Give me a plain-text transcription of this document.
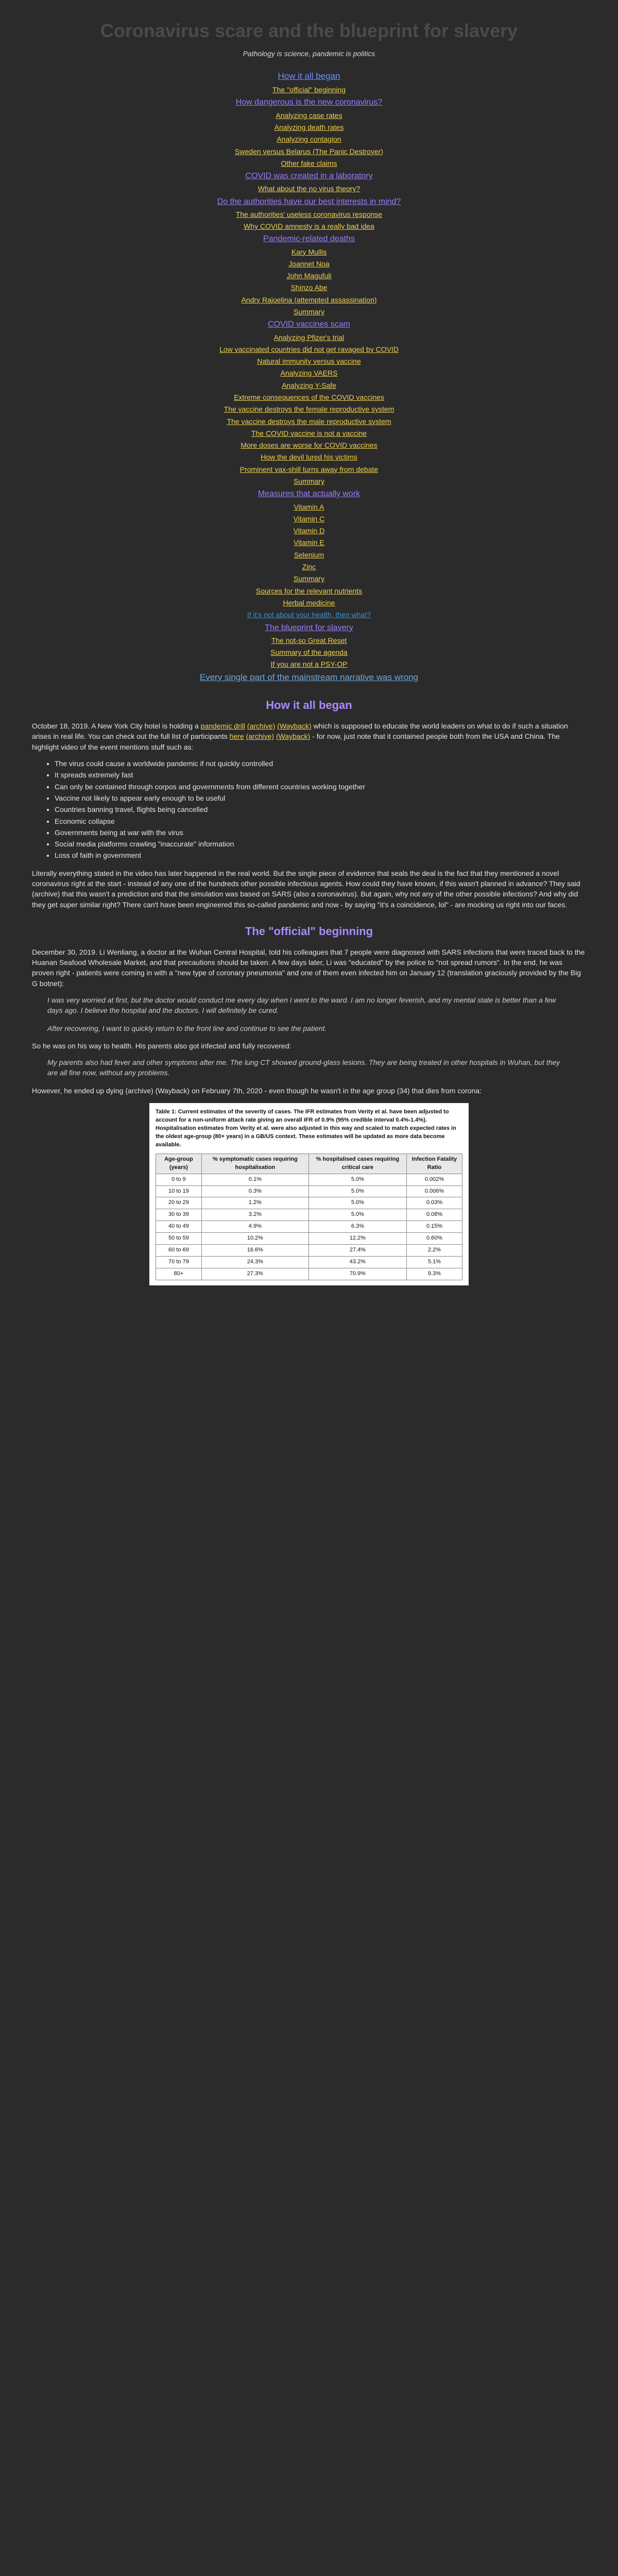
Coronavirus scare and the blueprint for slavery
Pathology is science, pandemic is politics
How it all began
The "official" beginning
How dangerous is the new coronavirus?
Analyzing case rates
Analyzing death rates
Analyzing contagion
Sweden versus Belarus (The Panic Destroyer)
Other fake claims
COVID was created in a laboratory
What about the no virus theory?
Do the authorities have our best interests in mind?
The authorities' useless coronavirus response
Why COVID amnesty is a really bad idea
Pandemic-related deaths
Kary Mullis
Joannet Noa
John Magufuli
Shinzo Abe
Andry Rajoelina (attempted assassination)
Summary
COVID vaccines scam
Analyzing Pfizer's trial
Low vaccinated countries did not get ravaged by COVID
Natural immunity versus vaccine
Analyzing VAERS
Analyzing Y-Safe
Extreme consequences of the COVID vaccines
The vaccine destroys the female reproductive system
The vaccine destroys the male reproductive system
The COVID vaccine is not a vaccine
More doses are worse for COVID vaccines
How the devil lured his victims
Prominent vax-shill turns away from debate
Summary
Measures that actually work
Vitamin A
Vitamin C
Vitamin D
Vitamin E
Selenium
Zinc
Summary
Sources for the relevant nutrients
Herbal medicine
If it's not about your health, then what?
The blueprint for slavery
The not-so Great Reset
Summary of the agenda
If you are not a PSY-OP
Every single part of the mainstream narrative was wrong
How it all began

October 18, 2019. A New York City hotel is holding a pandemic drill (archive) (Wayback) which is supposed to educate the world leaders on what to do if such a situation arises in real life. You can check out the full list of participants here (archive) (Wayback) - for now, just note that it contained people both from the USA and China. The highlight video of the event mentions stuff such as:

• The virus could cause a worldwide pandemic if not quickly controlled
• It spreads extremely fast
• Can only be contained through corpos and governments from different countries working together
• Vaccine not likely to appear early enough to be useful
• Countries banning travel, flights being cancelled
• Economic collapse
• Governments being at war with the virus
• Social media platforms crawling "inaccurate" information
• Loss of faith in government

Literally everything stated in the video has later happened in the real world. But the single piece of evidence that seals the deal is the fact that they mentioned a novel coronavirus right at the start - instead of any one of the hundreds other possible infectious agents. How could they have known, if this wasn't planned in advance? They said (archive) that this wasn't a prediction and that the simulation was based on SARS (also a coronavirus). But again, why not any of the other possible infections? And why did they get super similar right? There can't have been engineered this so-called pandemic and now - by saying "it's a coincidence, lol" - are mocking us right into our faces.

The "official" beginning

December 30, 2019. Li Wenliang, a doctor at the Wuhan Central Hospital, told his colleagues that 7 people were diagnosed with SARS infections that were traced back to the Huanan Seafood Wholesale Market, and that precautions should be taken. A few days later, Li was "educated" by the police to "not spread rumors". In the end, he was proven right - patients were coming in with a "new type of coronary pneumonia" and one of them even infected him on January 12 (translation graciously provided by the Big G botnet):

I was very worried at first, but the doctor would conduct me every day when I went to the ward. I am no longer feverish, and my mental state is better than a few days ago. I believe the hospital and the doctors. I will definitely be cured.
After recovering, I want to quickly return to the front line and continue to see the patient.

So he was on his way to health. His parents also got infected and fully recovered:

My parents also had fever and other symptoms after me. The lung CT showed ground-glass lesions. They are being treated in other hospitals in Wuhan, but they are all fine now, without any problems.

However, he ended up dying (archive) (Wayback) on February 7th, 2020 - even though he wasn't in the age group (34) that dies from corona:

Table 1: Current estimates of the severity of cases. The IFR estimates from Verity et al. have been adjusted to account for a non-uniform attack rate giving an overall IFR of 0.9% (95% credible interval 0.4%-1.4%). Hospitalisation estimates from Verity et al. were also adjusted in this way and scaled to match expected rates in the oldest age-group (80+ years) in a GB/US context. These estimates will be updated as more data become available.
Age-group (years)	% symptomatic cases requiring hospitalisation	% hospitalised cases requiring critical care	Infection Fatality Ratio
0 to 9	0.1%	5.0%	0.002%
10 to 19	0.3%	5.0%	0.006%
20 to 29	1.2%	5.0%	0.03%
30 to 39	3.2%	5.0%	0.08%
40 to 49	4.9%	6.3%	0.15%
50 to 59	10.2%	12.2%	0.60%
60 to 69	16.6%	27.4%	2.2%
70 to 79	24.3%	43.2%	5.1%
80+	27.3%	70.9%	9.3%
